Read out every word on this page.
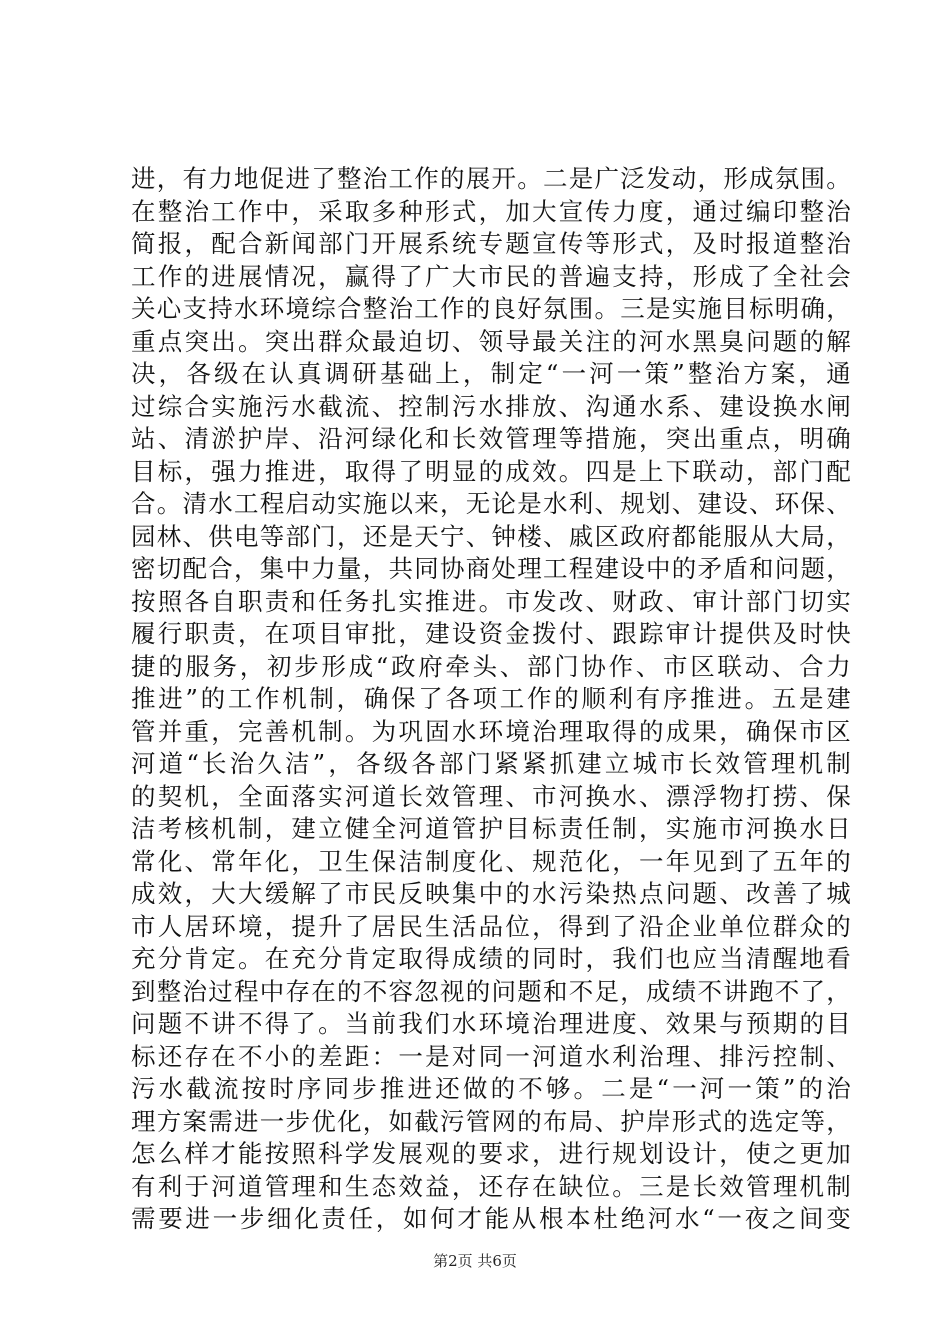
进，有力地促进了整治工作的展开。二是广泛发动，形成氛围。
在整治工作中，采取多种形式，加大宣传力度，通过编印整治
简报，配合新闻部门开展系统专题宣传等形式，及时报道整治
工作的进展情况，赢得了广大市民的普遍支持，形成了全社会
关心支持水环境综合整治工作的良好氛围。三是实施目标明确，
重点突出。突出群众最迫切、领导最关注的河水黑臭问题的解
决，各级在认真调研基础上，制定“一河一策”整治方案，通
过综合实施污水截流、控制污水排放、沟通水系、建设换水闸
站、清淤护岸、沿河绿化和长效管理等措施，突出重点，明确
目标，强力推进，取得了明显的成效。四是上下联动，部门配
合。清水工程启动实施以来，无论是水利、规划、建设、环保、
园林、供电等部门，还是天宁、钟楼、戚区政府都能服从大局，
密切配合，集中力量，共同协商处理工程建设中的矛盾和问题，
按照各自职责和任务扎实推进。市发改、财政、审计部门切实
履行职责，在项目审批，建设资金拨付、跟踪审计提供及时快
捷的服务，初步形成“政府牵头、部门协作、市区联动、合力
推进”的工作机制，确保了各项工作的顺利有序推进。五是建
管并重，完善机制。为巩固水环境治理取得的成果，确保市区
河道“长治久洁”，各级各部门紧紧抓建立城市长效管理机制
的契机，全面落实河道长效管理、市河换水、漂浮物打捞、保
洁考核机制，建立健全河道管护目标责任制，实施市河换水日
常化、常年化，卫生保洁制度化、规范化，一年见到了五年的
成效，大大缓解了市民反映集中的水污染热点问题、改善了城
市人居环境，提升了居民生活品位，得到了沿企业单位群众的
充分肯定。在充分肯定取得成绩的同时，我们也应当清醒地看
到整治过程中存在的不容忽视的问题和不足，成绩不讲跑不了，
问题不讲不得了。当前我们水环境治理进度、效果与预期的目
标还存在不小的差距：一是对同一河道水利治理、排污控制、
污水截流按时序同步推进还做的不够。二是“一河一策”的治
理方案需进一步优化，如截污管网的布局、护岸形式的选定等，
怎么样才能按照科学发展观的要求，进行规划设计，使之更加
有利于河道管理和生态效益，还存在缺位。三是长效管理机制
需要进一步细化责任，如何才能从根本杜绝河水“一夜之间变
第2页 共6页
